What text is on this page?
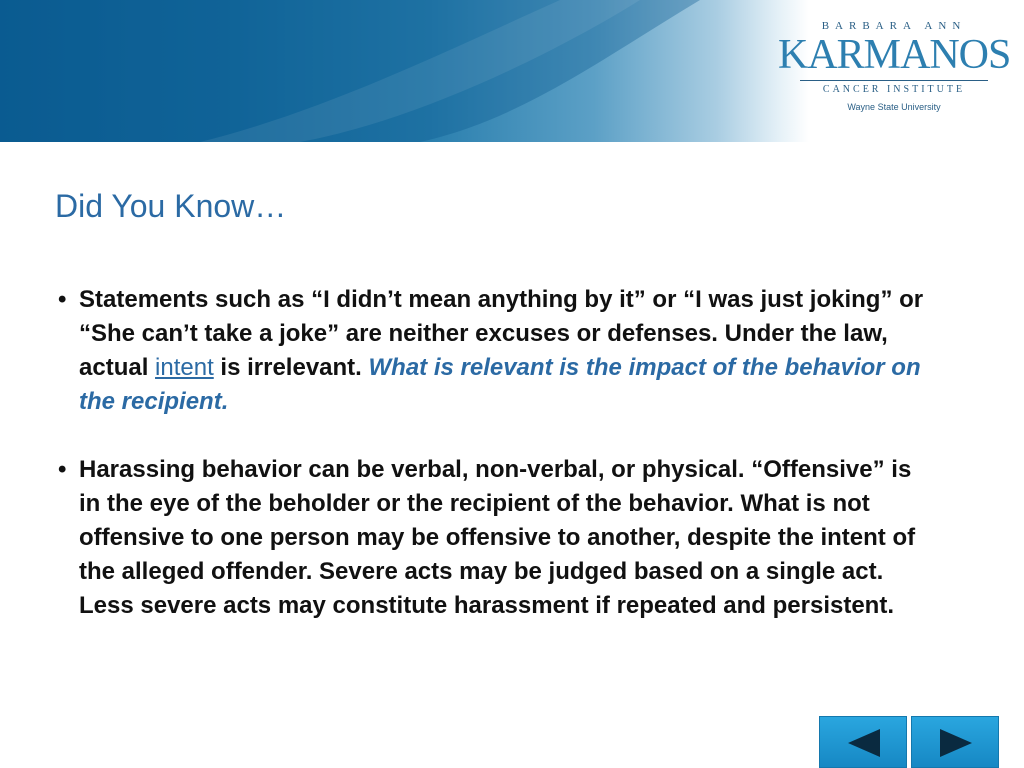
BARBARA ANN
KARMANOS
CANCER INSTITUTE
Wayne State University
Did You Know…

• Statements such as “I didn’t mean anything by it” or “I was just joking” or “She can’t take a joke” are neither excuses or defenses. Under the law, actual intent is irrelevant. What is relevant is the impact of the behavior on the recipient.

• Harassing behavior can be verbal, non-verbal, or physical. “Offensive” is in the eye of the beholder or the recipient of the behavior. What is not offensive to one person may be offensive to another, despite the intent of the alleged offender. Severe acts may be judged based on a single act. Less severe acts may constitute harassment if repeated and persistent.
